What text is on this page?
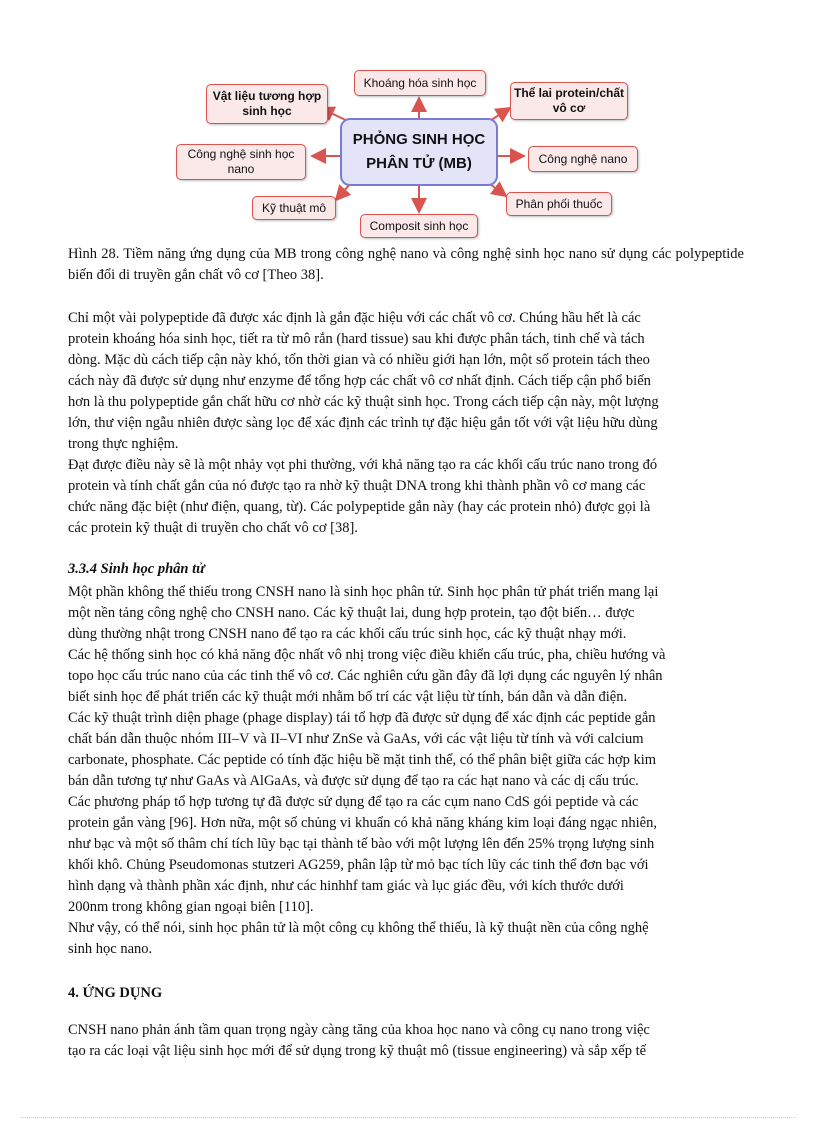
Khoáng hóa sinh học
Vật liệu tương hợp sinh học
Thể lai protein/chất vô cơ
Công nghệ sinh học nano
Công nghệ nano
Kỹ thuật mô
Composit sinh học
Phân phối thuốc
PHỎNG SINH HỌC
PHÂN TỬ (MB)

Hình 28. Tiềm năng ứng dụng của MB trong công nghệ nano và công nghệ sinh học nano sử dụng các polypeptide biến đổi di truyền gắn chất vô cơ [Theo 38].

Chỉ một vài polypeptide đã được xác định là gắn đặc hiệu với các chất vô cơ. Chúng hầu hết là các
protein khoáng hóa sinh học, tiết ra từ mô rắn (hard tissue) sau khi được phân tách, tinh chế và tách
dòng. Mặc dù cách tiếp cận này khó, tốn thời gian và có nhiều giới hạn lớn, một số protein tách theo
cách này đã được sử dụng như enzyme để tổng hợp các chất vô cơ nhất định. Cách tiếp cận phổ biến
hơn là thu polypeptide gắn chất hữu cơ nhờ các kỹ thuật sinh học. Trong cách tiếp cận này, một lượng
lớn, thư viện ngẫu nhiên được sàng lọc để xác định các trình tự đặc hiệu gắn tốt với vật liệu hữu dùng
trong thực nghiệm.
Đạt được điều này sẽ là một nhảy vọt phi thường, với khả năng tạo ra các khối cấu trúc nano trong đó
protein và tính chất gắn của nó được tạo ra nhờ kỹ thuật DNA trong khi thành phần vô cơ mang các
chức năng đặc biệt (như điện, quang, từ). Các polypeptide gắn này (hay các protein nhỏ) được gọi là
các protein kỹ thuật di truyền cho chất vô cơ [38].

3.3.4 Sinh học phân tử

Một phần không thể thiếu trong CNSH nano là sinh học phân tử. Sinh học phân tử phát triển mang lại
một nền tảng công nghệ cho CNSH nano. Các kỹ thuật lai, dung hợp protein, tạo đột biến… được
dùng thường nhật trong CNSH nano để tạo ra các khối cấu trúc sinh học, các kỹ thuật nhạy mới.
Các hệ thống sinh học có khả năng độc nhất vô nhị trong việc điều khiển cấu trúc, pha, chiều hướng và
topo học cấu trúc nano của các tinh thể vô cơ. Các nghiên cứu gần đây đã lợi dụng các nguyên lý nhân
biết sinh học để phát triển các kỹ thuật mới nhằm bố trí các vật liệu từ tính, bán dẫn và dẫn điện.
Các kỹ thuật trình diện phage (phage display) tái tổ hợp đã được sử dụng để xác định các peptide gắn
chất bán dẫn thuộc nhóm III–V và II–VI như ZnSe và GaAs, với các vật liệu từ tính và với calcium
carbonate, phosphate. Các peptide có tính đặc hiệu bề mặt tinh thể, có thể phân biệt giữa các hợp kim
bán dẫn tương tự như GaAs và AlGaAs, và được sử dụng để tạo ra các hạt nano và các dị cấu trúc.
Các phương pháp tổ hợp tương tự đã được sử dụng để tạo ra các cụm nano CdS gói peptide và các
protein gắn vàng [96]. Hơn nữa, một số chủng vi khuẩn có khả năng kháng kim loại đáng ngạc nhiên,
như bạc và một số thâm chí tích lũy bạc tại thành tế bào với một lượng lên đến 25% trọng lượng sinh
khối khô. Chủng Pseudomonas stutzeri AG259, phân lập từ mỏ bạc tích lũy các tinh thể đơn bạc với
hình dạng và thành phần xác định, như các hinhhf tam giác và lục giác đều, với kích thước dưới
200nm trong không gian ngoại biên [110].
Như vậy, có thể nói, sinh học phân tử là một công cụ không thể thiếu, là kỹ thuật nền của công nghệ
sinh học nano.

4. ỨNG DỤNG

CNSH nano phản ánh tầm quan trọng ngày càng tăng của khoa học nano và công cụ nano trong việc
tạo ra các loại vật liệu sinh học mới để sử dụng trong kỹ thuật mô (tissue engineering) và sắp xếp tế
